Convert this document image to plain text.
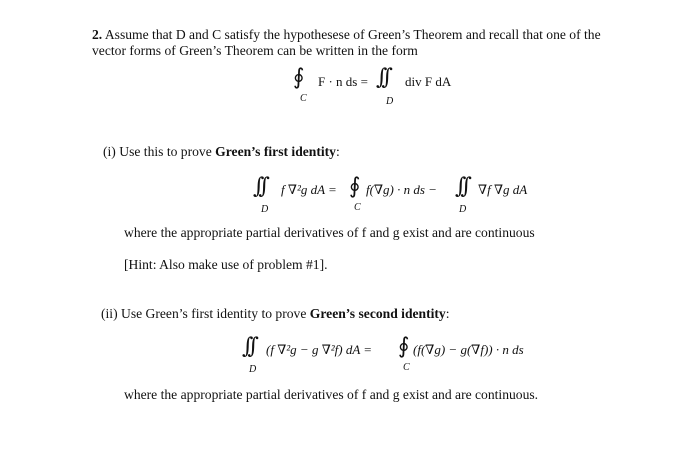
2. Assume that D and C satisfy the hypothesese of Green’s Theorem and recall that one of the
vector forms of Green’s Theorem can be written in the form
∮
C
F · n ds = ∫∫
D
div F dA
(i) Use this to prove Green’s first identity:
∫∫
D
f ∇²g dA = ∮
C
f(∇g) · n ds − ∫∫
D
∇f ∇g dA
where the appropriate partial derivatives of f and g exist and are continuous
[Hint: Also make use of problem #1].
(ii) Use Green’s first identity to prove Green’s second identity:
∫∫
D
(f ∇²g − g ∇²f) dA = ∮
C
(f(∇g) − g(∇f)) · n ds
where the appropriate partial derivatives of f and g exist and are continuous.
